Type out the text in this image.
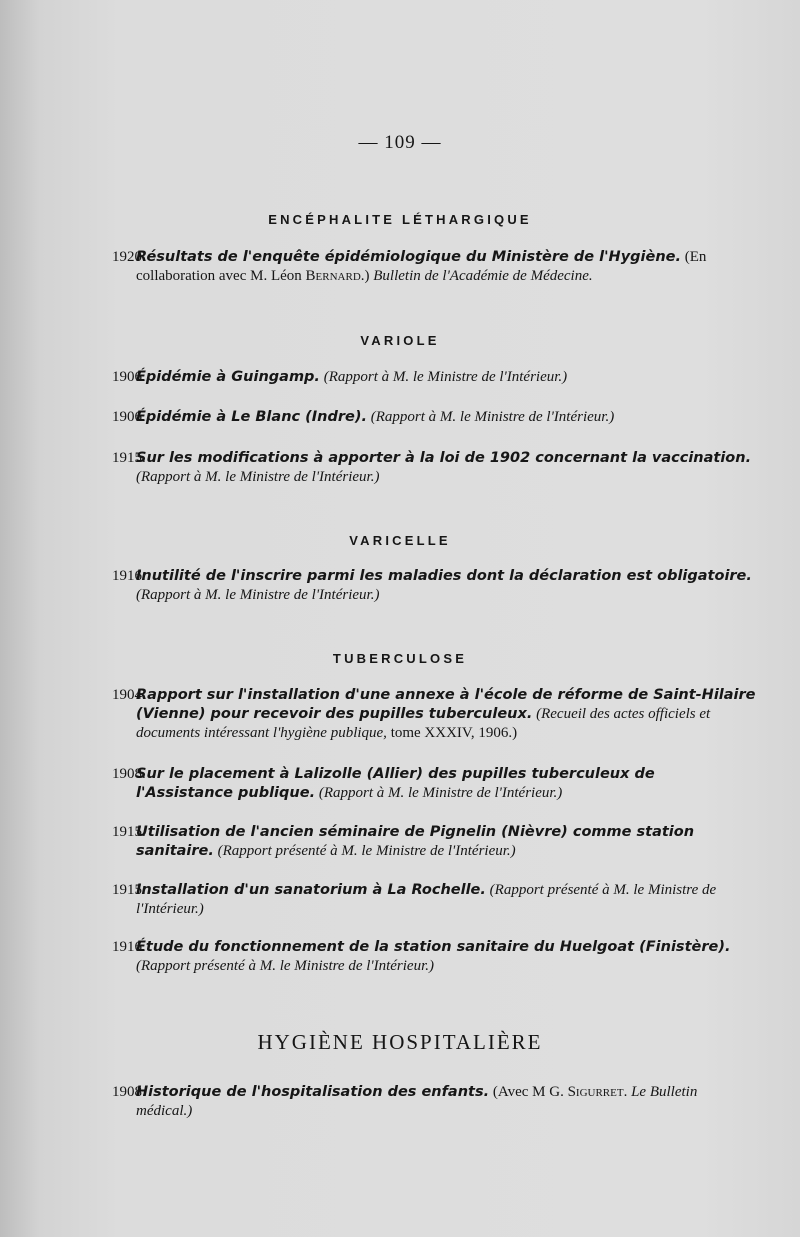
— 109 —
ENCÉPHALITE LÉTHARGIQUE
1920.
Résultats de l'enquête épidémiologique du Ministère de l'Hygiène. (En collaboration avec M. Léon Bernard.) Bulletin de l'Académie de Médecine.
VARIOLE
1906.
Épidémie à Guingamp. (Rapport à M. le Ministre de l'Intérieur.)
1906.
Épidémie à Le Blanc (Indre). (Rapport à M. le Ministre de l'Intérieur.)
1915.
Sur les modifications à apporter à la loi de 1902 concernant la vaccination. (Rapport à M. le Ministre de l'Intérieur.)
VARICELLE
1916.
Inutilité de l'inscrire parmi les maladies dont la déclaration est obligatoire. (Rapport à M. le Ministre de l'Intérieur.)
TUBERCULOSE
1904.
Rapport sur l'installation d'une annexe à l'école de réforme de Saint-Hilaire (Vienne) pour recevoir des pupilles tuberculeux. (Recueil des actes officiels et documents intéressant l'hygiène publique, tome XXXIV, 1906.)
1908.
Sur le placement à Lalizolle (Allier) des pupilles tuberculeux de l'Assistance publique. (Rapport à M. le Ministre de l'Intérieur.)
1915.
Utilisation de l'ancien séminaire de Pignelin (Nièvre) comme station sanitaire. (Rapport présenté à M. le Ministre de l'Intérieur.)
1915.
Installation d'un sanatorium à La Rochelle. (Rapport présenté à M. le Ministre de l'Intérieur.)
1916.
Étude du fonctionnement de la station sanitaire du Huelgoat (Finistère). (Rapport présenté à M. le Ministre de l'Intérieur.)
HYGIÈNE HOSPITALIÈRE
1908.
Historique de l'hospitalisation des enfants. (Avec M G. Sigurret. Le Bulletin médical.)
